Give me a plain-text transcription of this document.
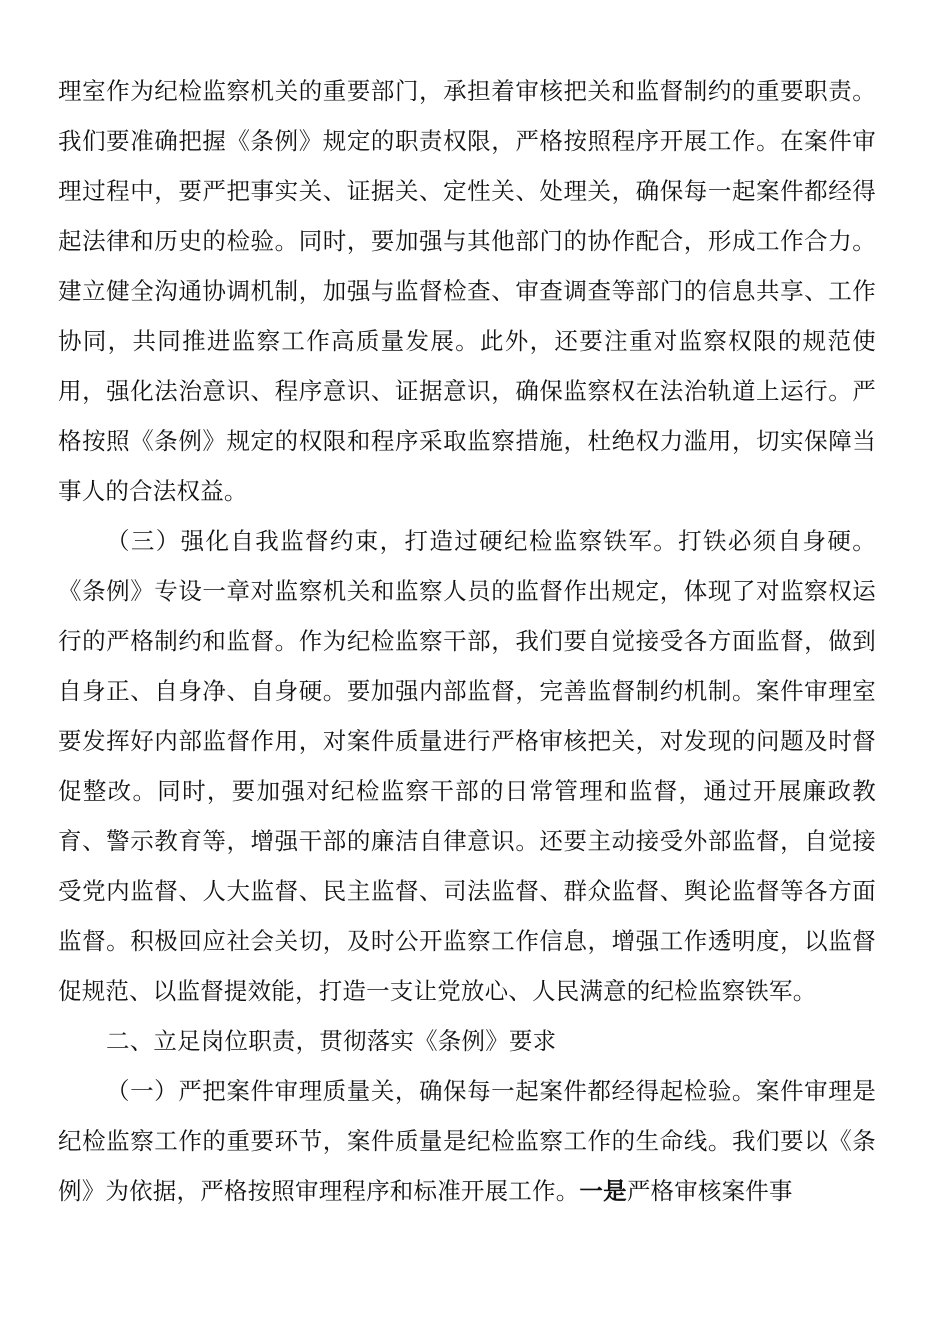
理室作为纪检监察机关的重要部门，承担着审核把关和监督制约的重要职责。我们要准确把握《条例》规定的职责权限，严格按照程序开展工作。在案件审理过程中，要严把事实关、证据关、定性关、处理关，确保每一起案件都经得起法律和历史的检验。同时，要加强与其他部门的协作配合，形成工作合力。建立健全沟通协调机制，加强与监督检查、审查调查等部门的信息共享、工作协同，共同推进监察工作高质量发展。此外，还要注重对监察权限的规范使用，强化法治意识、程序意识、证据意识，确保监察权在法治轨道上运行。严格按照《条例》规定的权限和程序采取监察措施，杜绝权力滥用，切实保障当事人的合法权益。

（三）强化自我监督约束，打造过硬纪检监察铁军。打铁必须自身硬。《条例》专设一章对监察机关和监察人员的监督作出规定，体现了对监察权运行的严格制约和监督。作为纪检监察干部，我们要自觉接受各方面监督，做到自身正、自身净、自身硬。要加强内部监督，完善监督制约机制。案件审理室要发挥好内部监督作用，对案件质量进行严格审核把关，对发现的问题及时督促整改。同时，要加强对纪检监察干部的日常管理和监督，通过开展廉政教育、警示教育等，增强干部的廉洁自律意识。还要主动接受外部监督，自觉接受党内监督、人大监督、民主监督、司法监督、群众监督、舆论监督等各方面监督。积极回应社会关切，及时公开监察工作信息，增强工作透明度，以监督促规范、以监督提效能，打造一支让党放心、人民满意的纪检监察铁军。

二、立足岗位职责，贯彻落实《条例》要求

（一）严把案件审理质量关，确保每一起案件都经得起检验。案件审理是纪检监察工作的重要环节，案件质量是纪检监察工作的生命线。我们要以《条例》为依据，严格按照审理程序和标准开展工作。一是严格审核案件事
